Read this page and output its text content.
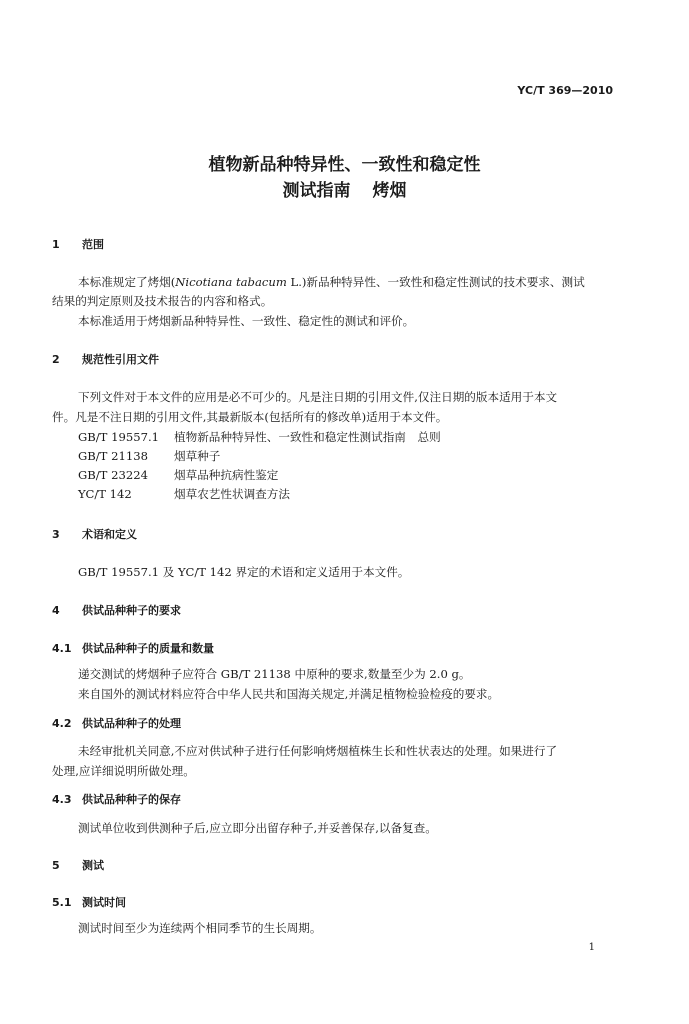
YC/T 369—2010
植物新品种特异性、一致性和稳定性
测试指南 烤烟
1 范围
本标准规定了烤烟(Nicotiana tabacum L.)新品种特异性、一致性和稳定性测试的技术要求、测试
结果的判定原则及技术报告的内容和格式。
本标准适用于烤烟新品种特异性、一致性、稳定性的测试和评价。
2 规范性引用文件
下列文件对于本文件的应用是必不可少的。凡是注日期的引用文件,仅注日期的版本适用于本文
件。凡是不注日期的引用文件,其最新版本(包括所有的修改单)适用于本文件。
GB/T 19557.1 植物新品种特异性、一致性和稳定性测试指南　总则
GB/T 21138 烟草种子
GB/T 23224 烟草品种抗病性鉴定
YC/T 142	烟草农艺性状调查方法
3 术语和定义
GB/T 19557.1 及 YC/T 142 界定的术语和定义适用于本文件。
4 供试品种种子的要求
4.1 供试品种种子的质量和数量
递交测试的烤烟种子应符合 GB/T 21138 中原种的要求,数量至少为 2.0 g。
来自国外的测试材料应符合中华人民共和国海关规定,并满足植物检验检疫的要求。
4.2 供试品种种子的处理
未经审批机关同意,不应对供试种子进行任何影响烤烟植株生长和性状表达的处理。如果进行了
处理,应详细说明所做处理。
4.3 供试品种种子的保存
测试单位收到供测种子后,应立即分出留存种子,并妥善保存,以备复查。
5 测试
5.1 测试时间
测试时间至少为连续两个相同季节的生长周期。
1
